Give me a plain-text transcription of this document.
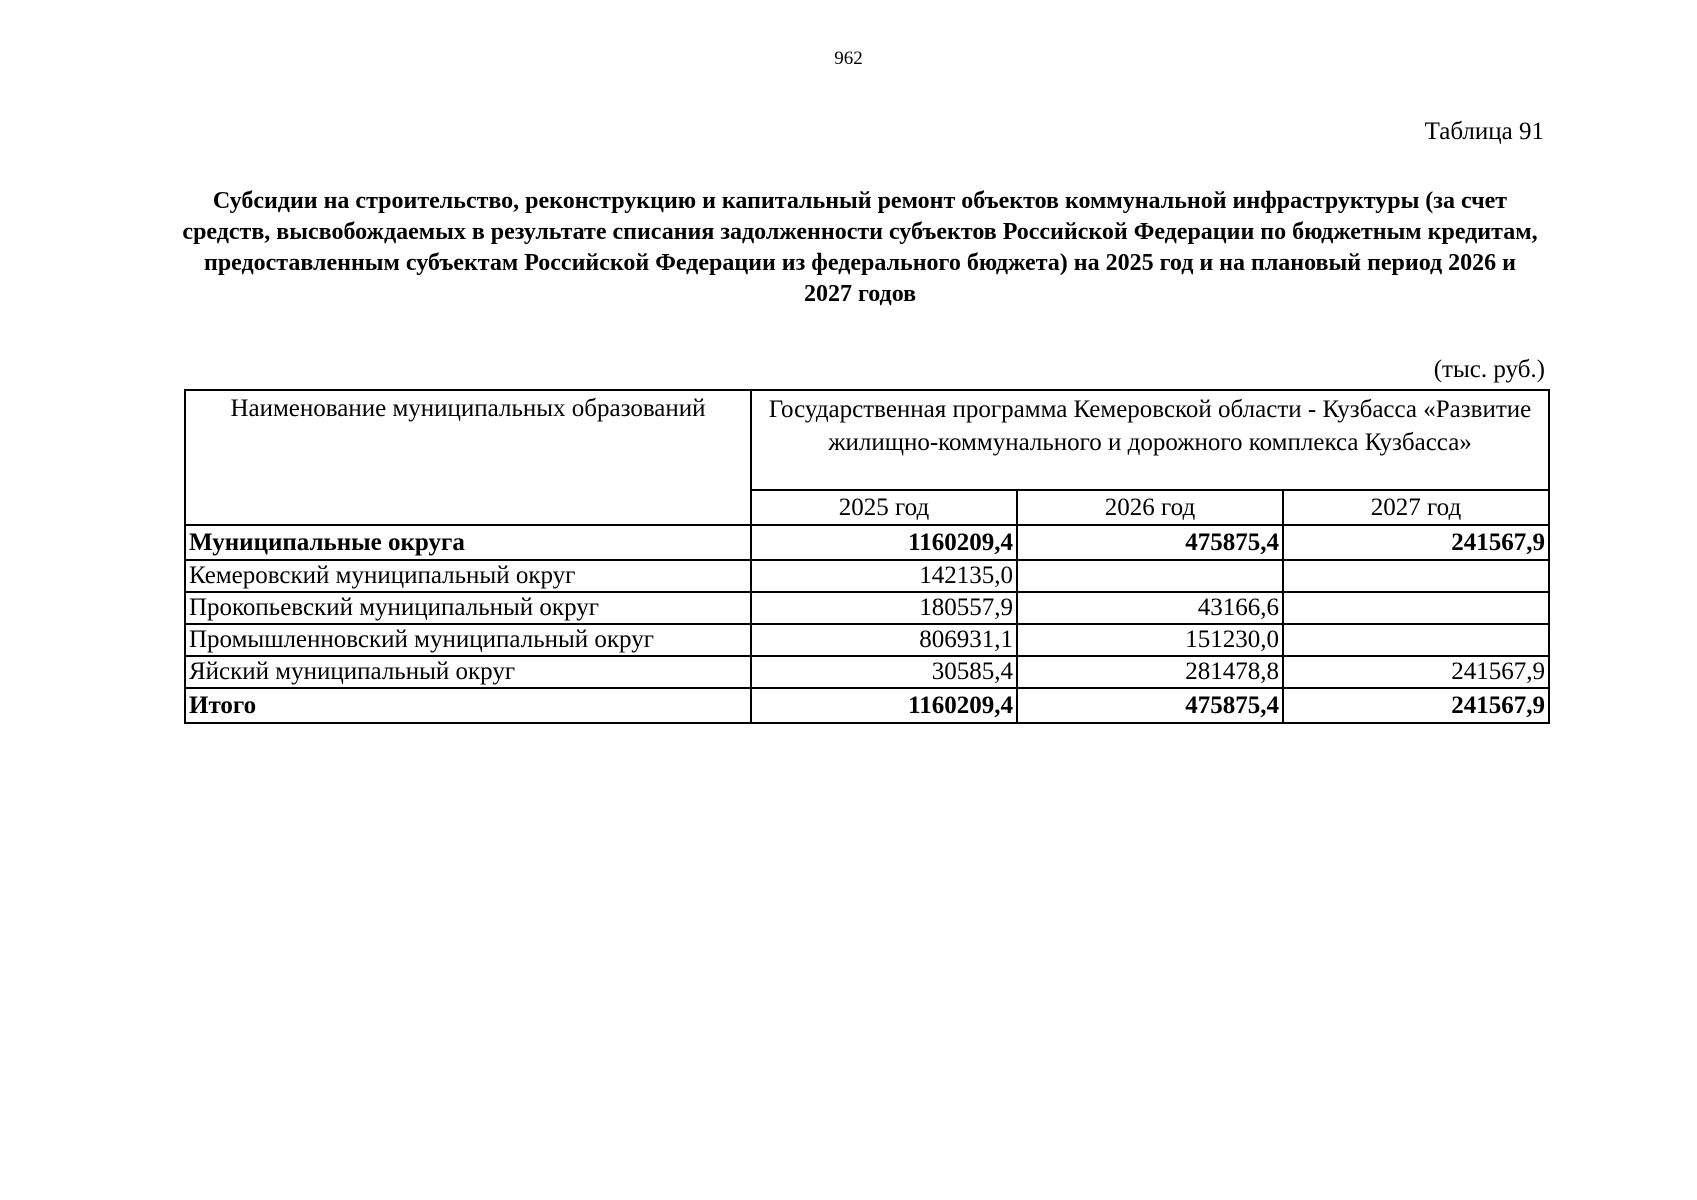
962
Таблица 91
Субсидии на строительство, реконструкцию и капитальный ремонт объектов коммунальной инфраструктуры (за счет средств, высвобождаемых в результате списания задолженности субъектов Российской Федерации по бюджетным кредитам, предоставленным субъектам Российской Федерации из федерального бюджета) на 2025 год и на плановый период 2026 и 2027 годов
(тыс. руб.)
Наименование муниципальных образований	Государственная программа Кемеровской области - Кузбасса «Развитие жилищно-коммунального и дорожного комплекса Кузбасса»		
	2025 год	2026 год	2027 год
Муниципальные округа	1160209,4	475875,4	241567,9
Кемеровский муниципальный округ	142135,0		
Прокопьевский муниципальный округ	180557,9	43166,6	
Промышленновский муниципальный округ	806931,1	151230,0	
Яйский муниципальный округ	30585,4	281478,8	241567,9
Итого	1160209,4	475875,4	241567,9
